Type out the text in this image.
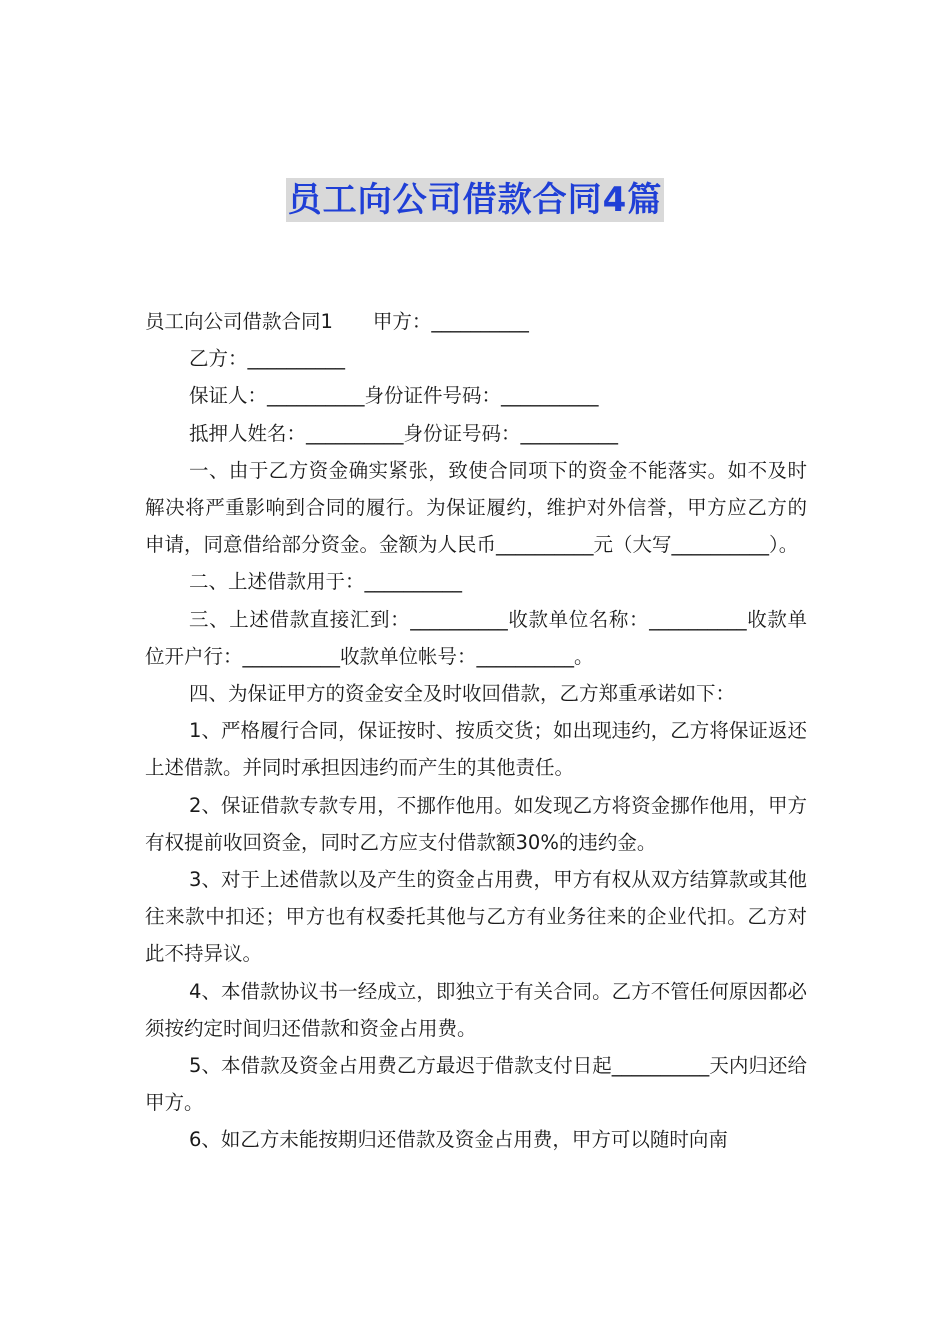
员工向公司借款合同4篇

员工向公司借款合同1 甲方：__________

乙方：__________

保证人：__________身份证件号码：__________

抵押人姓名：__________身份证号码：__________

一、由于乙方资金确实紧张，致使合同项下的资金不能落实。如不及时解决将严重影响到合同的履行。为保证履约，维护对外信誉，甲方应乙方的申请，同意借给部分资金。金额为人民币__________元（大写__________）。

二、上述借款用于：__________

三、上述借款直接汇到：__________收款单位名称：__________收款单位开户行：__________收款单位帐号：__________。

四、为保证甲方的资金安全及时收回借款，乙方郑重承诺如下：

1、严格履行合同，保证按时、按质交货；如出现违约，乙方将保证返还上述借款。并同时承担因违约而产生的其他责任。

2、保证借款专款专用，不挪作他用。如发现乙方将资金挪作他用，甲方有权提前收回资金，同时乙方应支付借款额30%的违约金。

3、对于上述借款以及产生的资金占用费，甲方有权从双方结算款或其他往来款中扣还；甲方也有权委托其他与乙方有业务往来的企业代扣。乙方对此不持异议。

4、本借款协议书一经成立，即独立于有关合同。乙方不管任何原因都必须按约定时间归还借款和资金占用费。

5、本借款及资金占用费乙方最迟于借款支付日起__________天内归还给甲方。

6、如乙方未能按期归还借款及资金占用费，甲方可以随时向南
